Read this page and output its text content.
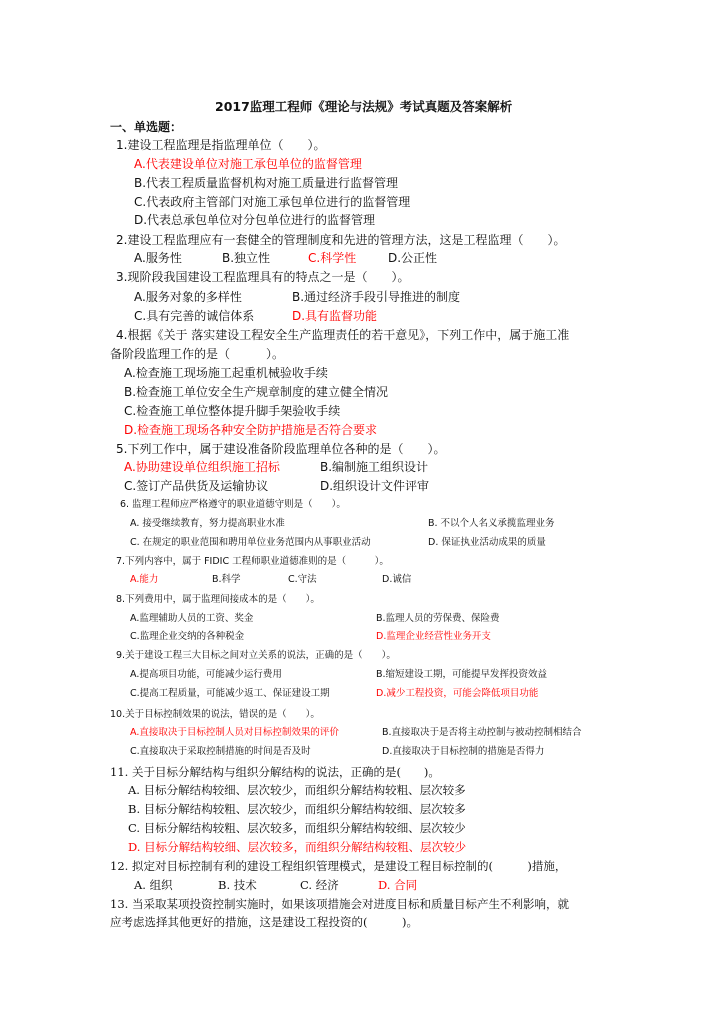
2017监理工程师《理论与法规》考试真题及答案解析
一、单选题：
1.建设工程监理是指监理单位（　　）。
A.代表建设单位对施工承包单位的监督管理
B.代表工程质量监督机构对施工质量进行监督管理
C.代表政府主管部门对施工承包单位进行的监督管理
D.代表总承包单位对分包单位进行的监督管理
2.建设工程监理应有一套健全的管理制度和先进的管理方法，这是工程监理（　　）。
A.服务性	B.独立性	C.科学性	D.公正性
3.现阶段我国建设工程监理具有的特点之一是（　　）。
A.服务对象的多样性	B.通过经济手段引导推进的制度
C.具有完善的诚信体系	D.具有监督功能
4.根据《关于 落实建设工程安全生产监理责任的若干意见》，下列工作中，属于施工准
备阶段监理工作的是（　　　）。
A.检查施工现场施工起重机械验收手续
B.检查施工单位安全生产规章制度的建立健全情况
C.检查施工单位整体提升脚手架验收手续
D.检查施工现场各种安全防护措施是否符合要求
5.下列工作中，属于建设准备阶段监理单位各种的是（　　）。
A.协助建设单位组织施工招标	B.编制施工组织设计
C.签订产品供货及运输协议	D.组织设计文件评审
6. 监理工程师应严格遵守的职业道德守则是（　　）。
A. 接受继续教育，努力提高职业水准	B. 不以个人名义承揽监理业务
C. 在规定的职业范围和聘用单位业务范围内从事职业活动	D. 保证执业活动成果的质量
7.下列内容中，属于 FIDIC 工程师职业道德准则的是（　　　）。
A.能力	B.科学	C.守法	D.诚信
8.下列费用中，属于监理间接成本的是（　　）。
A.监理辅助人员的工资、奖金	B.监理人员的劳保费、保险费
C.监理企业交纳的各种税金	D.监理企业经营性业务开支
9.关于建设工程三大目标之间对立关系的说法，正确的是（　　）。
A.提高项目功能，可能减少运行费用	B.缩短建设工期，可能提早发挥投资效益
C.提高工程质量，可能减少返工、保证建设工期	D.减少工程投资，可能会降低项目功能
10.关于目标控制效果的说法，错误的是（　　）。
A.直接取决于目标控制人员对目标控制效果的评价	B.直接取决于是否将主动控制与被动控制相结合
C.直接取决于采取控制措施的时间是否及时	D.直接取决于目标控制的措施是否得力
11. 关于目标分解结构与组织分解结构的说法，正确的是(　　)。
A. 目标分解结构较细、层次较少，而组织分解结构较粗、层次较多
B. 目标分解结构较粗、层次较少，而组织分解结构较细、层次较多
C. 目标分解结构较粗、层次较多，而组织分解结构较细、层次较少
D. 目标分解结构较细、层次较多，而组织分解结构较粗、层次较少
12. 拟定对目标控制有利的建设工程组织管理模式，是建设工程目标控制的(　　　)措施，
A. 组织	B. 技术	C. 经济	D. 合同
13. 当采取某项投资控制实施时，如果该项措施会对进度目标和质量目标产生不利影响，就
应考虑选择其他更好的措施，这是建设工程投资的(　　　)。
